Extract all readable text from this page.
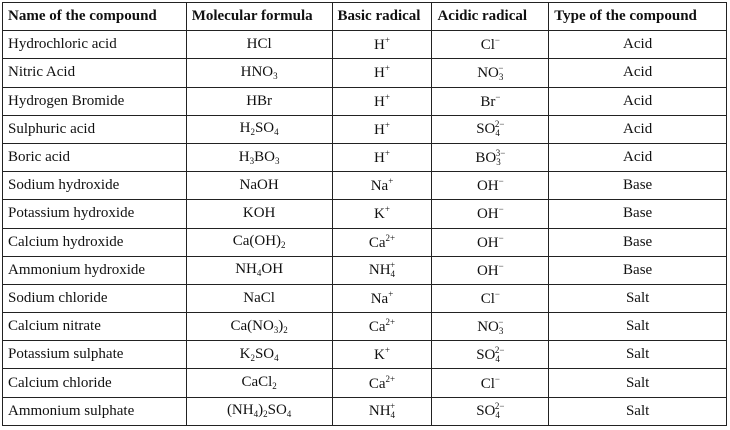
Name of the compound	Molecular formula	Basic radical	Acidic radical	Type of the compound
Hydrochloric acid	HCl	H+	Cl−	Acid
Nitric Acid	$HNO_3$	H+	$NO_3^-$	Acid
Hydrogen Bromide	HBr	H+	Br−	Acid
Sulphuric acid	$H_2SO_4$	H+	$SO_4^{2-}$	Acid
Boric acid	$H_3BO_3$	H+	$BO_3^{3-}$	Acid
Sodium hydroxide	NaOH	Na+	OH−	Base
Potassium hydroxide	KOH	K+	OH−	Base
Calcium hydroxide	$Ca(OH)_2$	$Ca^{2+}$	OH−	Base
Ammonium hydroxide	$NH_4OH$	$NH_4^+$	OH−	Base
Sodium chloride	NaCl	Na+	Cl−	Salt
Calcium nitrate	$Ca(NO_3)_2$	$Ca^{2+}$	$NO_3^-$	Salt
Potassium sulphate	$K_2SO_4$	K+	$SO_4^{2-}$	Salt
Calcium chloride	CaCl$_2$	$Ca^{2+}$	Cl−	Salt
Ammonium sulphate	$(NH_4)_2SO_4$	$NH_4^+$	$SO_4^{2-}$	Salt
